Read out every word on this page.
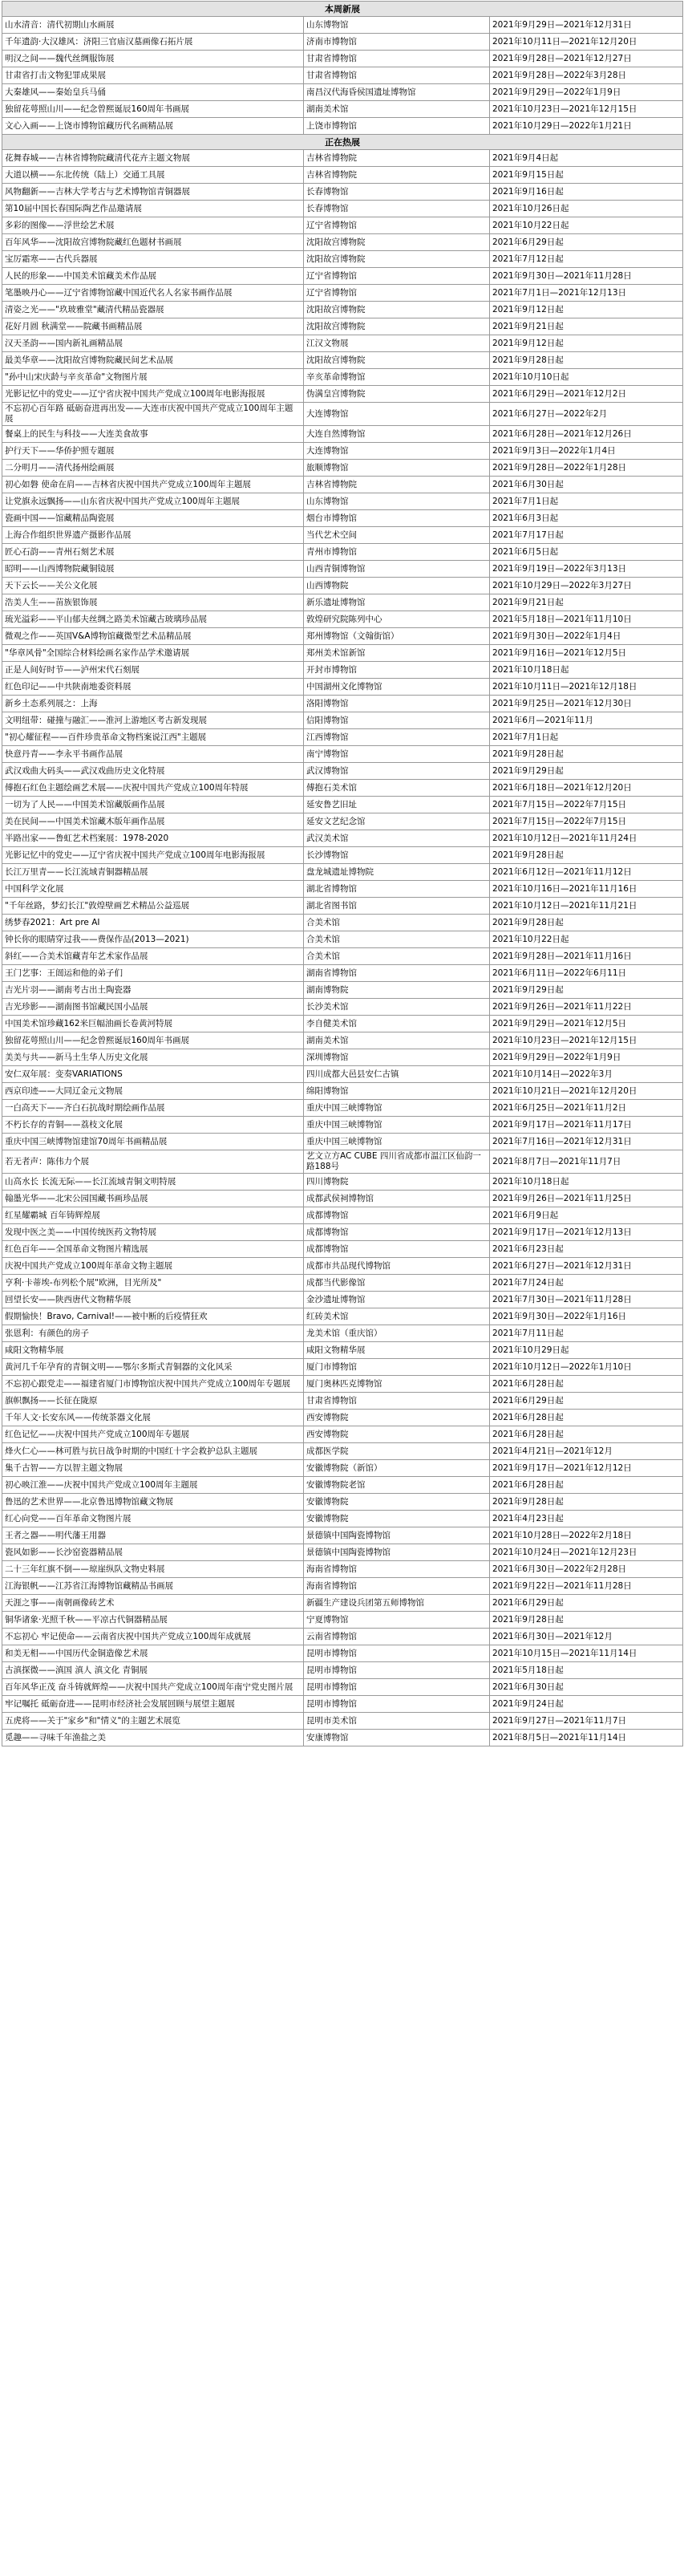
本周新展		
山水清音：清代初期山水画展	山东博物馆	2021年9月29日—2021年12月31日
千年遗韵·大汉雄风：济阳三官庙汉墓画像石拓片展	济南市博物馆	2021年10月11日—2021年12月20日
明汉之间——魏代丝绸服饰展	甘肃省博物馆	2021年9月28日—2021年12月27日
甘肃省打击文物犯罪成果展	甘肃省博物馆	2021年9月28日—2022年3月28日
大秦雄风——秦始皇兵马俑	南昌汉代海昏侯国遗址博物馆	2021年9月29日—2022年1月9日
独留花萼照山川——纪念曾熙诞辰160周年书画展	湖南美术馆	2021年10月23日—2021年12月15日
文心入画——上饶市博物馆藏历代名画精品展	上饶市博物馆	2021年10月29日—2022年1月21日
正在热展		
花舞春城——吉林省博物院藏清代花卉主题文物展	吉林省博物院	2021年9月4日起
大道以横——东北传统（陆上）交通工具展	吉林省博物院	2021年9月15日起
风物翻新——吉林大学考古与艺术博物馆青铜器展	长春博物馆	2021年9月16日起
第10届中国长春国际陶艺作品邀请展	长春博物馆	2021年10月26日起
多彩的图像——浮世绘艺术展	辽宁省博物馆	2021年10月22日起
百年风华——沈阳故宫博物院藏红色题材书画展	沈阳故宫博物院	2021年6月29日起
宝厉霜寒——古代兵器展	沈阳故宫博物院	2021年7月12日起
人民的形象——中国美术馆藏美术作品展	辽宁省博物馆	2021年9月30日—2021年11月28日
笔墨映丹心——辽宁省博物馆藏中国近代名人名家书画作品展	辽宁省博物馆	2021年7月1日—2021年12月13日
清姿之光——"玖玻雅堂"藏清代精品瓷器展	沈阳故宫博物院	2021年9月12日起
花好月圆 秋满堂——院藏书画精品展	沈阳故宫博物院	2021年9月21日起
汉天圣韵——国内新礼画精品展	江汉文物展	2021年9月12日起
最美华章——沈阳故宫博物院藏民间艺术品展	沈阳故宫博物院	2021年9月28日起
"孙中山宋庆龄与辛亥革命"文物图片展	辛亥革命博物馆	2021年10月10日起
光影记忆中的党史——辽宁省庆祝中国共产党成立100周年电影海报展	伪满皇宫博物院	2021年6月29日—2021年12月2日
不忘初心百年路 砥砺奋进再出发——大连市庆祝中国共产党成立100周年主题展	大连博物馆	2021年6月27日—2022年2月
餐桌上的民生与科技——大连美食故事	大连自然博物馆	2021年6月28日—2021年12月26日
护行天下——华侨护照专题展	大连博物馆	2021年9月3日—2022年1月4日
二分明月——清代扬州绘画展	旅顺博物馆	2021年9月28日—2022年1月28日
初心如磐 使命在肩——吉林省庆祝中国共产党成立100周年主题展	吉林省博物院	2021年6月30日起
让党旗永远飘扬——山东省庆祝中国共产党成立100周年主题展	山东博物馆	2021年7月1日起
瓷画中国——馆藏精品陶瓷展	烟台市博物馆	2021年6月3日起
上海合作组织世界遗产摄影作品展	当代艺术空间	2021年7月17日起
匠心石韵——青州石刻艺术展	青州市博物馆	2021年6月5日起
昭明——山西博物院藏铜镜展	山西青铜博物馆	2021年9月19日—2022年3月13日
天下云长——关公文化展	山西博物院	2021年10月29日—2022年3月27日
浩美人生——苗族银饰展	新乐遗址博物馆	2021年9月21日起
琉光溢彩——平山郁夫丝绸之路美术馆藏古玻璃珍品展	敦煌研究院陈列中心	2021年5月18日—2021年11月10日
微观之作——英国V&A博物馆藏微型艺术品精品展	郑州博物馆（文翰街馆）	2021年9月30日—2022年1月4日
"华章风骨"全国综合材料绘画名家作品学术邀请展	郑州美术馆新馆	2021年9月16日—2021年12月5日
正是人间好时节——泸州宋代石刻展	开封市博物馆	2021年10月18日起
红色印记——中共陕南地委资料展	中国湖州文化博物馆	2021年10月11日—2021年12月18日
新乡土态系列展之：上海	洛阳博物馆	2021年9月25日—2021年12月30日
文明纽带：碰撞与融汇——淮河上游地区考古新发现展	信阳博物馆	2021年6月—2021年11月
"初心耀征程——百件珍贵革命文物档案说江西"主题展	江西博物馆	2021年7月1日起
快意丹青——李永平书画作品展	南宁博物馆	2021年9月28日起
武汉戏曲大码头——武汉戏曲历史文化特展	武汉博物馆	2021年9月29日起
傅抱石红色主题绘画艺术展——庆祝中国共产党成立100周年特展	傅抱石美术馆	2021年6月18日—2021年12月20日
一切为了人民——中国美术馆藏版画作品展	延安鲁艺旧址	2021年7月15日—2022年7月15日
美在民间——中国美术馆藏木版年画作品展	延安文艺纪念馆	2021年7月15日—2022年7月15日
半路出家——鲁虹艺术档案展：1978-2020	武汉美术馆	2021年10月12日—2021年11月24日
光影记忆中的党史——辽宁省庆祝中国共产党成立100周年电影海报展	长沙博物馆	2021年9月28日起
长江万里青——长江流域青铜器精品展	盘龙城遗址博物院	2021年6月12日—2021年11月12日
中国科学文化展	湖北省博物馆	2021年10月16日—2021年11月16日
"千年丝路，梦幻长江"敦煌壁画艺术精品公益巡展	湖北省图书馆	2021年10月12日—2021年11月21日
绣梦春2021：Art pre AI	合美术馆	2021年9月28日起
钟长你的眼睛穿过我——费保作品(2013—2021)	合美术馆	2021年10月22日起
斜红——合美术馆藏青年艺术家作品展	合美术馆	2021年9月28日—2021年11月16日
王门艺事：王闿运和他的弟子们	湖南省博物馆	2021年6月11日—2022年6月11日
吉光片羽——湖南考古出土陶瓷器	湖南博物院	2021年9月29日起
吉光珍影——湖南图书馆藏民国小品展	长沙美术馆	2021年9月26日—2021年11月22日
中国美术馆珍藏162米巨幅油画长卷黄河特展	李自健美术馆	2021年9月29日—2021年12月5日
独留花萼照山川——纪念曾熙诞辰160周年书画展	湖南美术馆	2021年10月23日—2021年12月15日
美美与共——新马土生华人历史文化展	深圳博物馆	2021年9月29日—2022年1月9日
安仁双年展：变奏VARIATIONS	四川成都大邑县安仁古镇	2021年10月14日—2022年3月
西京印迹——大同辽金元文物展	绵阳博物馆	2021年10月21日—2021年12月20日
一白高天下——齐白石抗战时期绘画作品展	重庆中国三峡博物馆	2021年6月25日—2021年11月2日
不朽长存的青铜——荔枝文化展	重庆中国三峡博物馆	2021年9月17日—2021年11月17日
重庆中国三峡博物馆建馆70周年书画精品展	重庆中国三峡博物馆	2021年7月16日—2021年12月31日
若无者声：陈伟力个展	艺文立方AC CUBE 四川省成都市温江区仙韵一路188号	2021年8月7日—2021年11月7日
山高水长 长流无际——长江流域青铜文明特展	四川博物院	2021年10月18日起
翰墨光华——北宋公园国藏书画珍品展	成都武侯祠博物馆	2021年9月26日—2021年11月25日
红星耀霸城 百年铸辉煌展	成都博物馆	2021年6月9日起
发现中医之美——中国传统医药文物特展	成都博物馆	2021年9月17日—2021年12月13日
红色百年——全国革命文物图片精选展	成都博物馆	2021年6月23日起
庆祝中国共产党成立100周年革命文物主题展	成都市共品现代博物馆	2021年6月27日—2021年12月31日
亨利·卡蒂埃-布列松个展"欧洲，目光所及"	成都当代影像馆	2021年7月24日起
回望长安——陕西唐代文物精华展	金沙遗址博物馆	2021年7月30日—2021年11月28日
假期愉快！Bravo, Carnival!——被中断的后疫情狂欢	红砖美术馆	2021年9月30日—2022年1月16日
张恩利：有颜色的房子	龙美术馆（重庆馆）	2021年7月11日起
咸阳文物精华展	咸阳文物精华展	2021年10月29日起
黄河几千年孕育的青铜文明——鄂尔多斯式青铜器的文化风采	厦门市博物馆	2021年10月12日—2022年1月10日
不忘初心跟党走——福建省厦门市博物馆庆祝中国共产党成立100周年专题展	厦门奥林匹克博物馆	2021年6月28日起
旗帜飘扬——长征在陇原	甘肃省博物馆	2021年6月29日起
千年人文·长安东风——传统茶器文化展	西安博物院	2021年6月28日起
红色记忆——庆祝中国共产党成立100周年专题展	西安博物院	2021年6月28日起
烽火仁心——林可胜与抗日战争时期的中国红十字会救护总队主题展	成都医学院	2021年4月21日—2021年12月
集千古智——方以智主题文物展	安徽博物院（新馆）	2021年9月17日—2021年12月12日
初心映江淮——庆祝中国共产党成立100周年主题展	安徽博物院老馆	2021年6月28日起
鲁迅的艺术世界——北京鲁迅博物馆藏文物展	安徽博物院	2021年9月28日起
红心向党——百年革命文物图片展	安徽博物院	2021年4月23日起
王者之器——明代藩王用器	景德镇中国陶瓷博物馆	2021年10月28日—2022年2月18日
瓷风如影——长沙窑瓷器精品展	景德镇中国陶瓷博物馆	2021年10月24日—2021年12月23日
二十三年红旗不倒——琼崖纵队文物史料展	海南省博物馆	2021年6月30日—2022年2月28日
江海银帆——江苏省江海博物馆藏精品书画展	海南省博物馆	2021年9月22日—2021年11月28日
天涯之事——南朝画像砖艺术	新疆生产建设兵团第五师博物馆	2021年6月29日起
铜华诸象·光照千秋——平凉古代铜器精品展	宁夏博物馆	2021年9月28日起
不忘初心 牢记使命——云南省庆祝中国共产党成立100周年成就展	云南省博物馆	2021年6月30日—2021年12月
和美无相——中国历代金铜造像艺术展	昆明市博物馆	2021年10月15日—2021年11月14日
古滇探微——滇国 滇人 滇文化 青铜展	昆明市博物馆	2021年5月18日起
百年风华正茂 奋斗铸就辉煌——庆祝中国共产党成立100周年南宁党史图片展	昆明市博物馆	2021年6月30日起
牢记嘱托 砥砺奋进——昆明市经济社会发展回顾与展望主题展	昆明市博物馆	2021年9月24日起
五虎将——关于"家乡"和"情义"的主题艺术展览	昆明市美术馆	2021年9月27日—2021年11月7日
觅趣——寻味千年渔盐之美	安康博物馆	2021年8月5日—2021年11月14日
